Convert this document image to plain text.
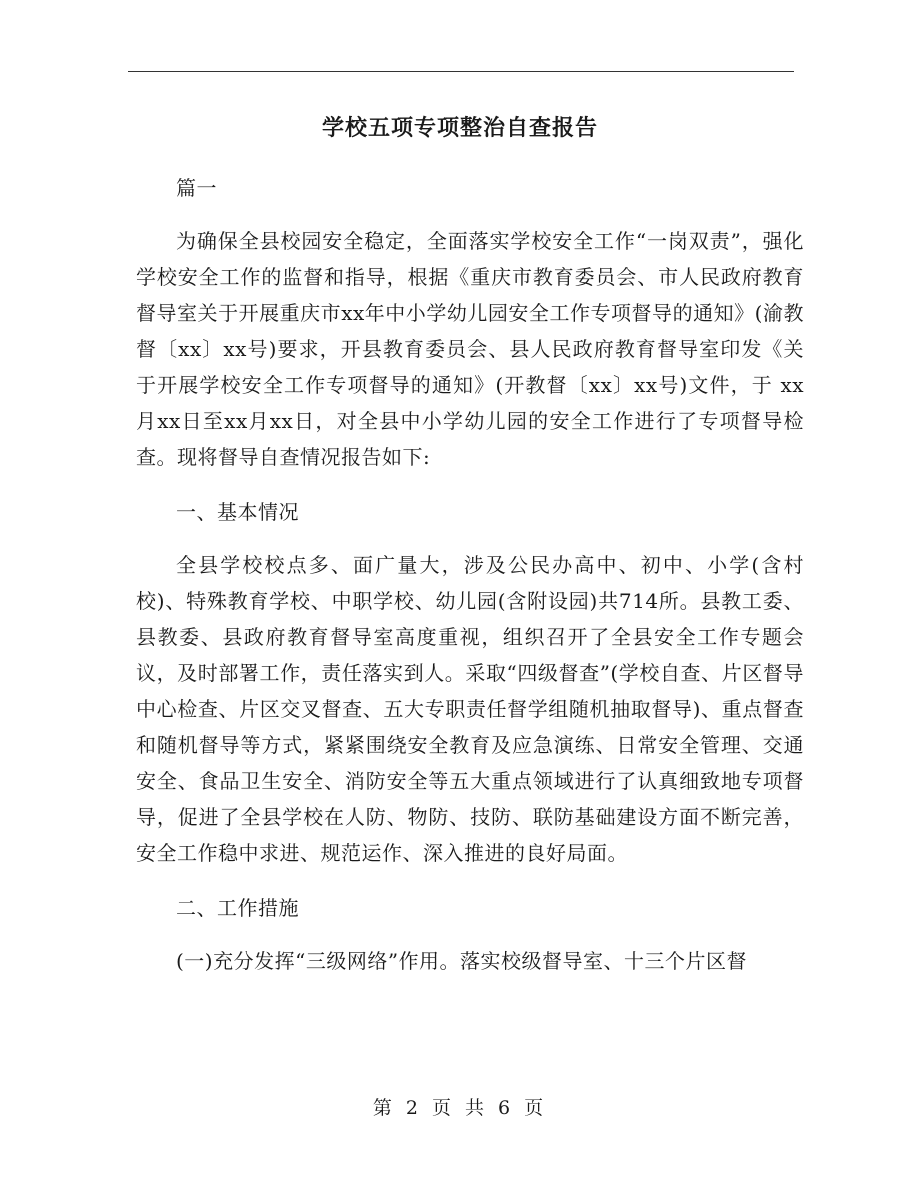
学校五项专项整治自查报告

篇一

为确保全县校园安全稳定，全面落实学校安全工作“一岗双责”，强化学校安全工作的监督和指导，根据《重庆市教育委员会、市人民政府教育督导室关于开展重庆市xx年中小学幼儿园安全工作专项督导的通知》(渝教督〔xx〕xx号)要求，开县教育委员会、县人民政府教育督导室印发《关于开展学校安全工作专项督导的通知》(开教督〔xx〕xx号)文件，于 xx月xx日至xx月xx日，对全县中小学幼儿园的安全工作进行了专项督导检查。现将督导自查情况报告如下:

一、基本情况

全县学校校点多、面广量大，涉及公民办高中、初中、小学(含村校)、特殊教育学校、中职学校、幼儿园(含附设园)共714所。县教工委、县教委、县政府教育督导室高度重视，组织召开了全县安全工作专题会议，及时部署工作，责任落实到人。采取“四级督查”(学校自查、片区督导中心检查、片区交叉督查、五大专职责任督学组随机抽取督导)、重点督查和随机督导等方式，紧紧围绕安全教育及应急演练、日常安全管理、交通安全、食品卫生安全、消防安全等五大重点领域进行了认真细致地专项督导，促进了全县学校在人防、物防、技防、联防基础建设方面不断完善，安全工作稳中求进、规范运作、深入推进的良好局面。

二、工作措施

(一)充分发挥“三级网络”作用。落实校级督导室、十三个片区督

第 2 页 共 6 页
